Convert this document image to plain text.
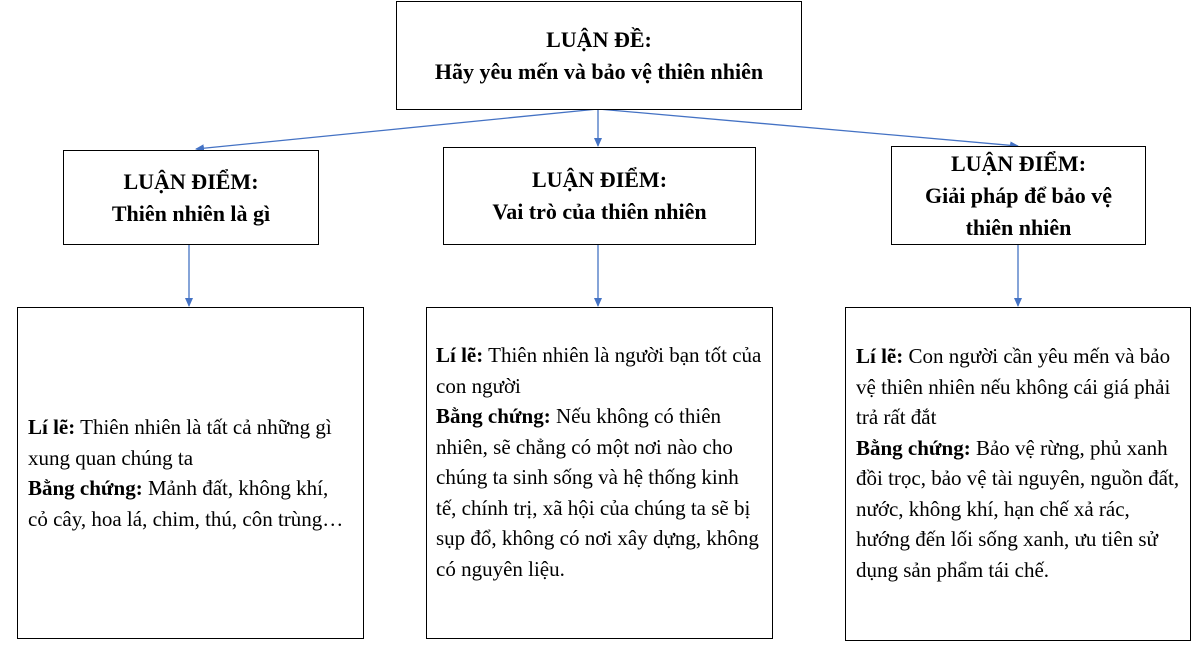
LUẬN ĐỀ:
Hãy yêu mến và bảo vệ thiên nhiên
LUẬN ĐIỂM:
Thiên nhiên là gì
LUẬN ĐIỂM:
Vai trò của thiên nhiên
LUẬN ĐIỂM:
Giải pháp để bảo vệ thiên nhiên
Lí lẽ: Thiên nhiên là tất cả những gì xung quan chúng ta
Bằng chứng: Mảnh đất, không khí, cỏ cây, hoa lá, chim, thú, côn trùng…
Lí lẽ: Thiên nhiên là người bạn tốt của con người
Bằng chứng: Nếu không có thiên nhiên, sẽ chẳng có một nơi nào cho chúng ta sinh sống và hệ thống kinh tế, chính trị, xã hội của chúng ta sẽ bị sụp đổ, không có nơi xây dựng, không có nguyên liệu.
Lí lẽ: Con người cần yêu mến và bảo vệ thiên nhiên nếu không cái giá phải trả rất đắt
Bằng chứng: Bảo vệ rừng, phủ xanh đồi trọc, bảo vệ tài nguyên, nguồn đất, nước, không khí, hạn chế xả rác, hướng đến lối sống xanh, ưu tiên sử dụng sản phẩm tái chế.
